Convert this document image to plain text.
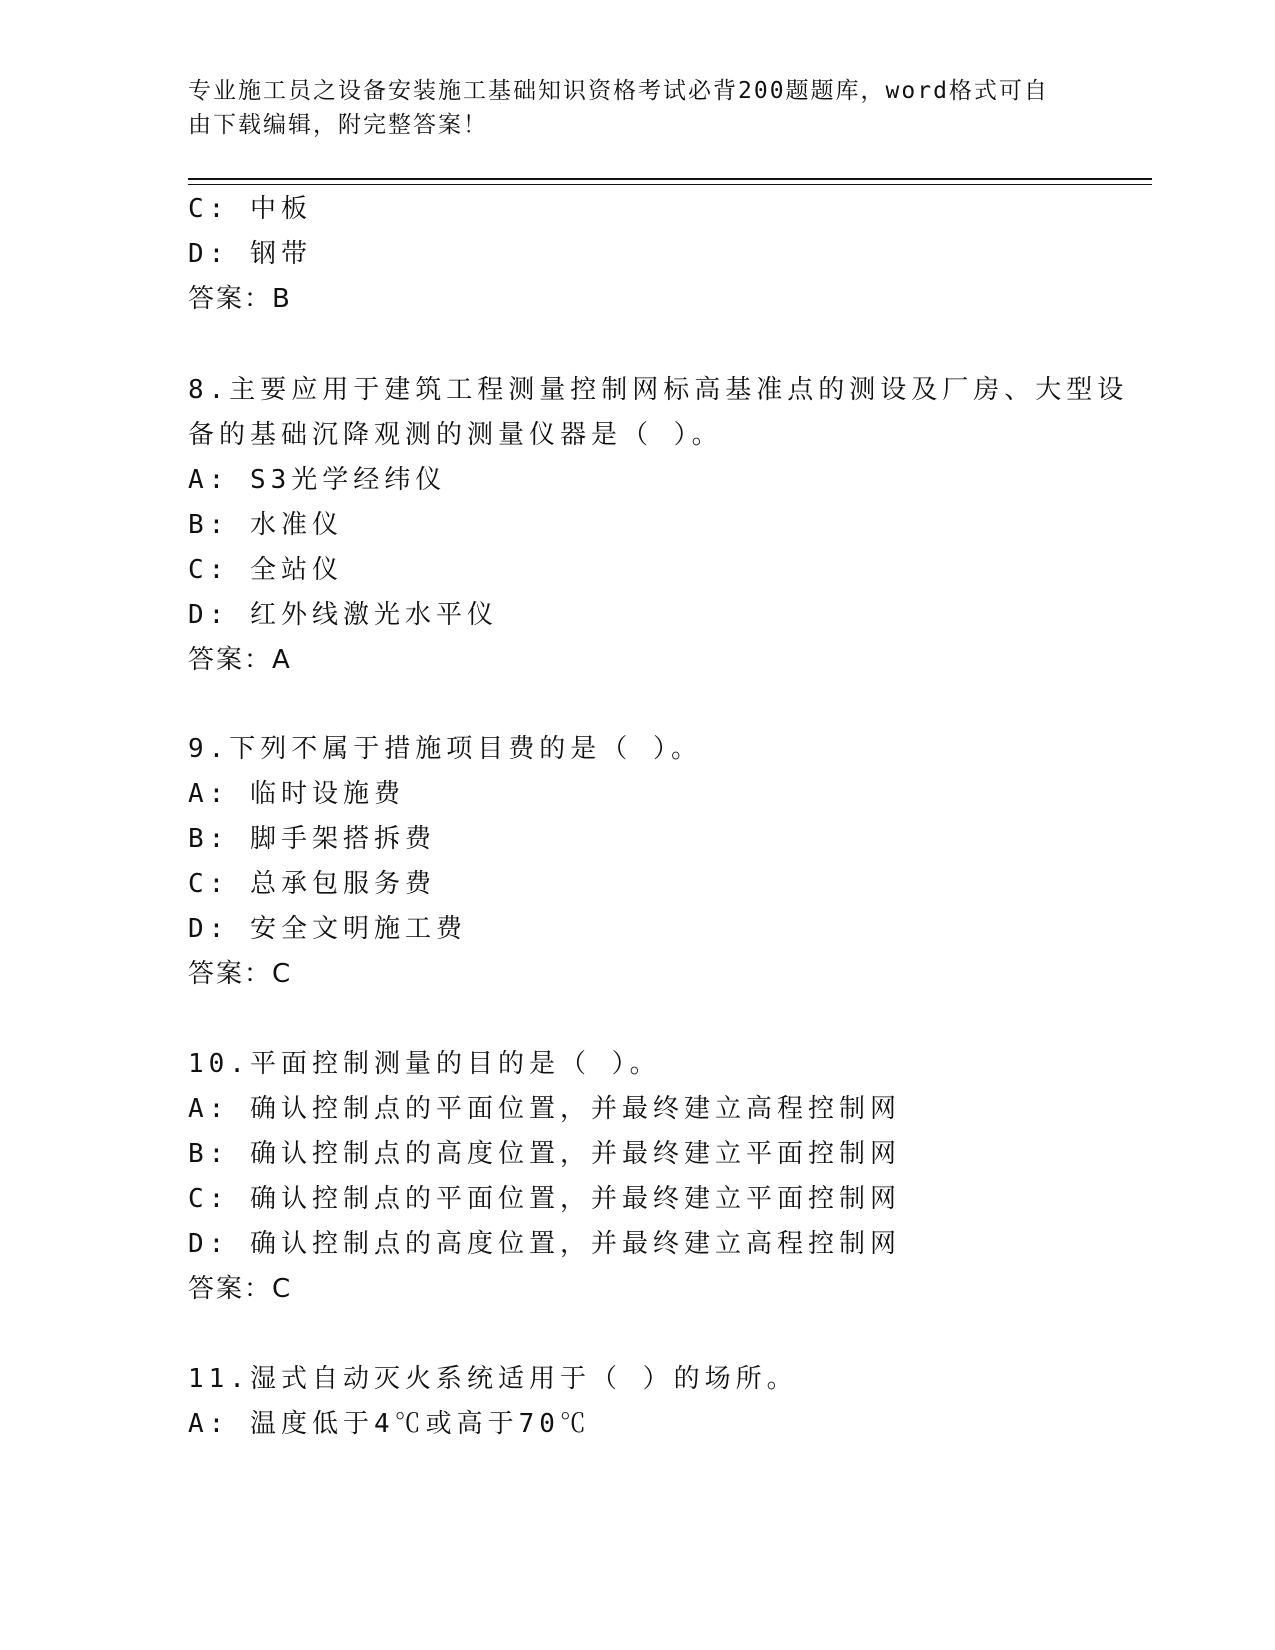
专业施工员之设备安装施工基础知识资格考试必背200题题库，word格式可自由下载编辑，附完整答案！
C: 中板
D: 钢带
答案：B
8.主要应用于建筑工程测量控制网标高基准点的测设及厂房、大型设
备的基础沉降观测的测量仪器是（ ）。
A: S3光学经纬仪
B: 水准仪
C: 全站仪
D: 红外线激光水平仪
答案：A
9.下列不属于措施项目费的是（ ）。
A: 临时设施费
B: 脚手架搭拆费
C: 总承包服务费
D: 安全文明施工费
答案：C
10.平面控制测量的目的是（ ）。
A: 确认控制点的平面位置，并最终建立高程控制网
B: 确认控制点的高度位置，并最终建立平面控制网
C: 确认控制点的平面位置，并最终建立平面控制网
D: 确认控制点的高度位置，并最终建立高程控制网
答案：C
11.湿式自动灭火系统适用于（ ）的场所。
A: 温度低于4℃或高于70℃
